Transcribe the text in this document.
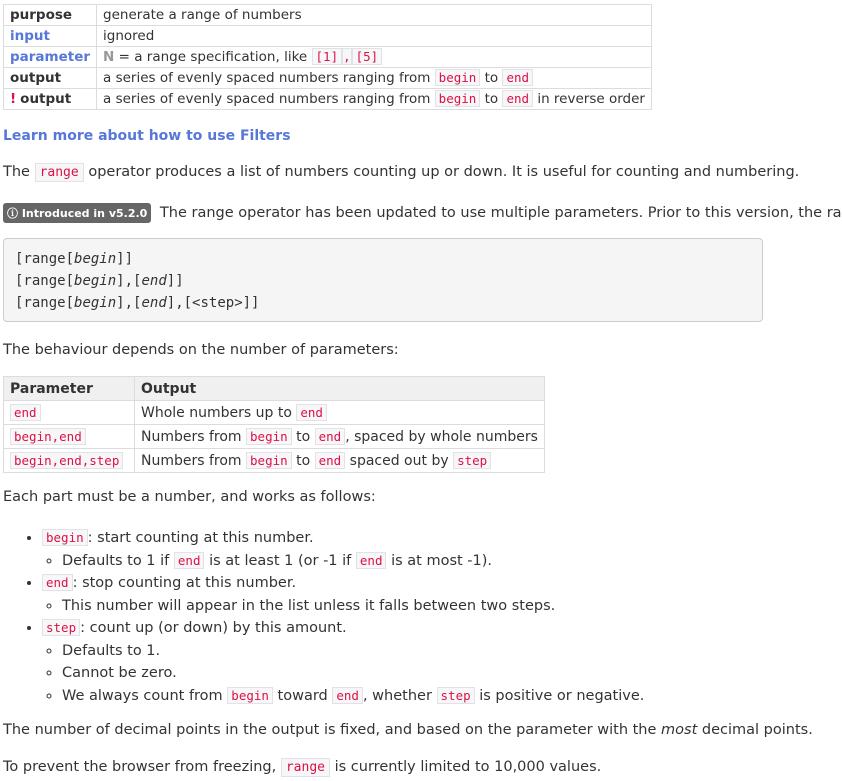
purpose	generate a range of numbers
input	ignored
parameter	N = a range specification, like [1] , [5]
output	a series of evenly spaced numbers ranging from begin to end
! output	a series of evenly spaced numbers ranging from begin to end in reverse order
Learn more about how to use Filters

The range operator produces a list of numbers counting up or down. It is useful for counting and numbering.

ⓘ Introduced in v5.2.0 The range operator has been updated to use multiple parameters. Prior to this version, the ra

[range[begin]]
[range[begin],[end]]
[range[begin],[end],[<step>]]

The behaviour depends on the number of parameters:

Parameter	Output
end	Whole numbers up to end
begin,end	Numbers from begin to end , spaced by whole numbers
begin,end,step	Numbers from begin to end spaced out by step

Each part must be a number, and works as follows:

• begin : start counting at this number.
◦ Defaults to 1 if end is at least 1 (or -1 if end is at most -1).
• end : stop counting at this number.
◦ This number will appear in the list unless it falls between two steps.
• step : count up (or down) by this amount.
◦ Defaults to 1.
◦ Cannot be zero.
◦ We always count from begin toward end , whether step is positive or negative.

The number of decimal points in the output is fixed, and based on the parameter with the most decimal points.

To prevent the browser from freezing, range is currently limited to 10,000 values.
